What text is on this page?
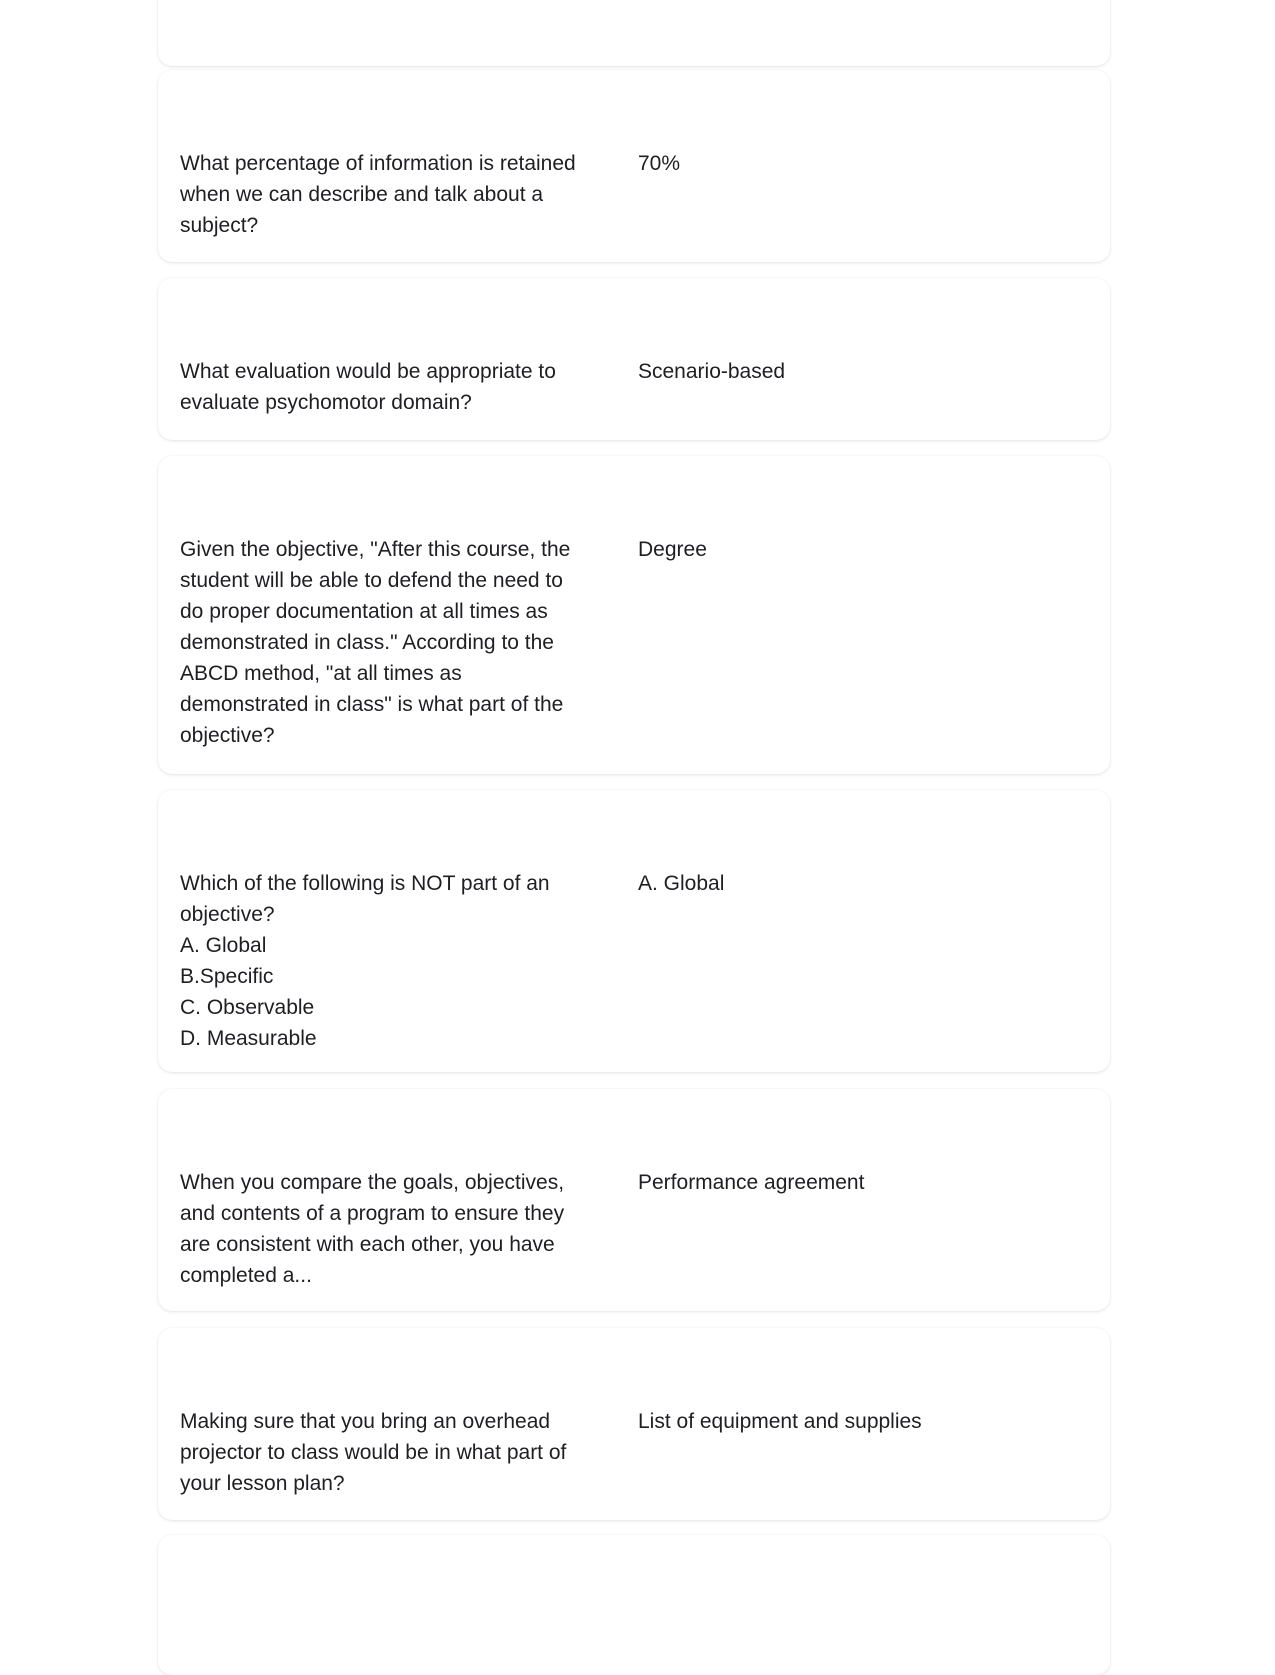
What percentage of information is retained when we can describe and talk about a subject?
70%
What evaluation would be appropriate to evaluate psychomotor domain?
Scenario-based
Given the objective, "After this course, the student will be able to defend the need to do proper documentation at all times as demonstrated in class." According to the ABCD method, "at all times as demonstrated in class" is what part of the objective?
Degree
Which of the following is NOT part of an objective?
A. Global
B.Specific
C. Observable
D. Measurable
A. Global
When you compare the goals, objectives, and contents of a program to ensure they are consistent with each other, you have completed a...
Performance agreement
Making sure that you bring an overhead projector to class would be in what part of your lesson plan?
List of equipment and supplies
